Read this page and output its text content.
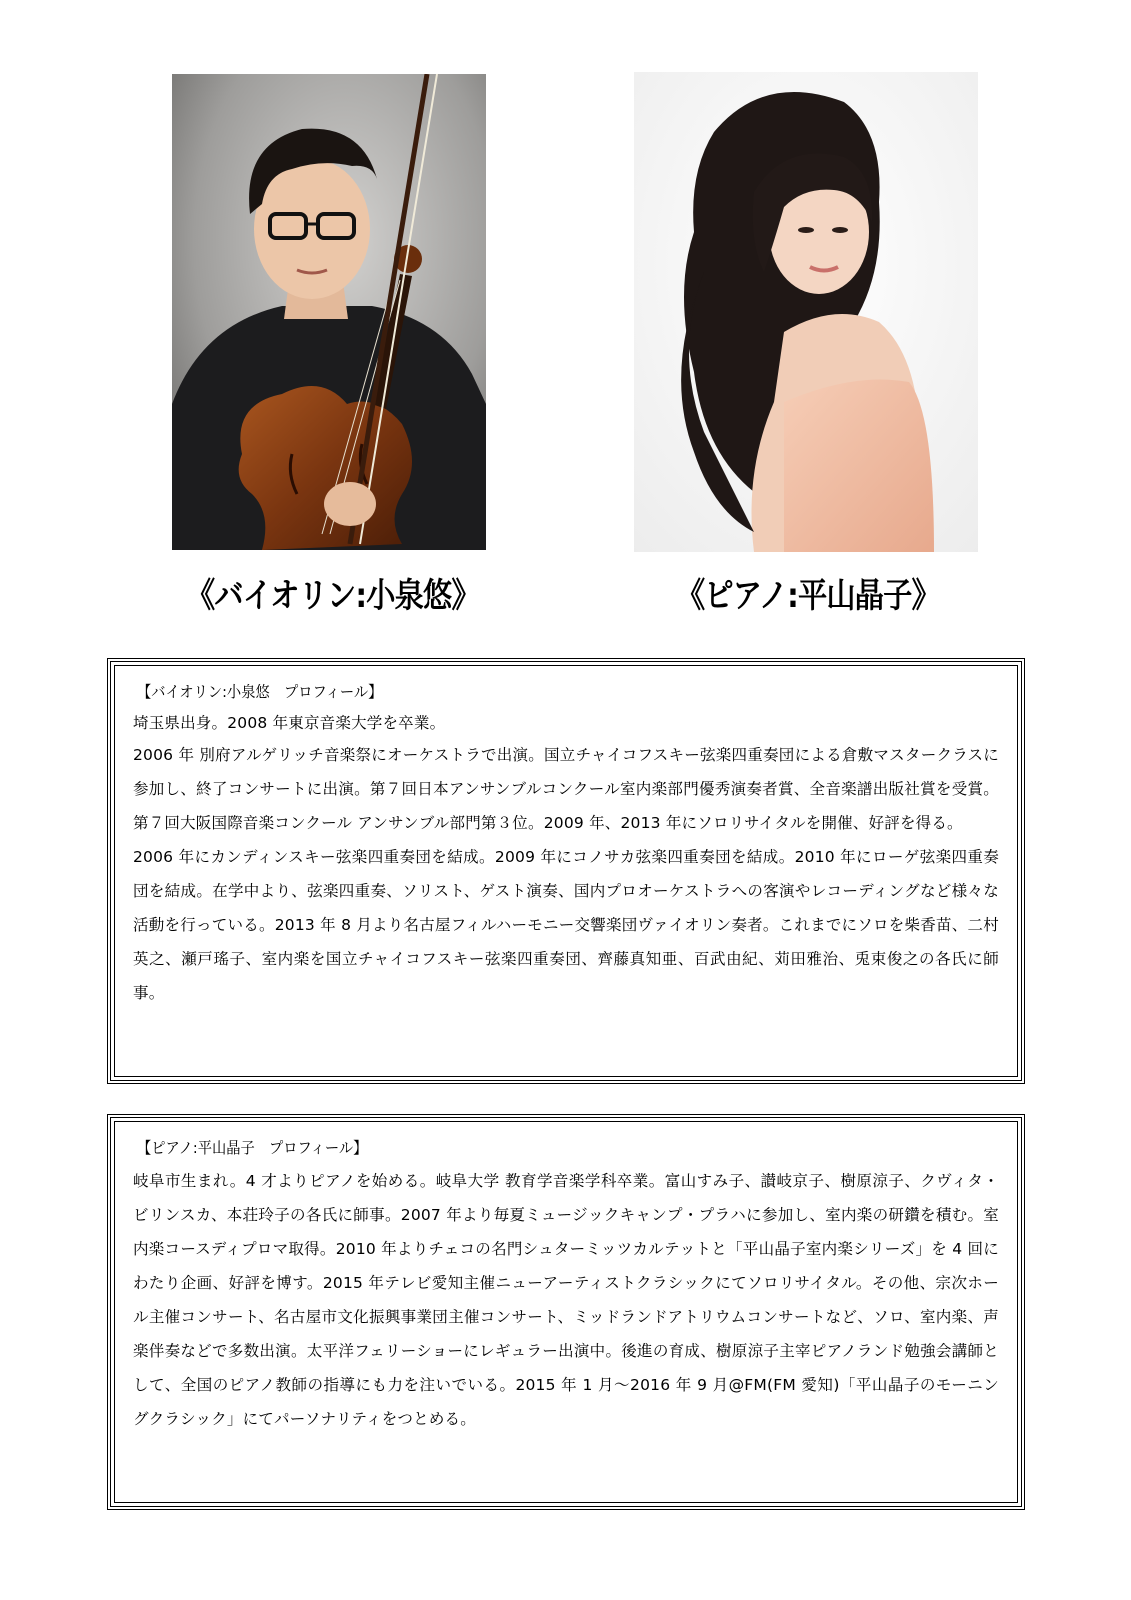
《バイオリン:小泉悠》	《ピアノ:平山晶子》
【バイオリン:小泉悠　プロフィール】

埼玉県出身。2008 年東京音楽大学を卒業。

2006 年 別府アルゲリッチ音楽祭にオーケストラで出演。国立チャイコフスキー弦楽四重奏団による倉敷マスタークラスに参加し、終了コンサートに出演。第７回日本アンサンブルコンクール室内楽部門優秀演奏者賞、全音楽譜出版社賞を受賞。第７回大阪国際音楽コンクール アンサンブル部門第３位。2009 年、2013 年にソロリサイタルを開催、好評を得る。

2006 年にカンディンスキー弦楽四重奏団を結成。2009 年にコノサカ弦楽四重奏団を結成。2010 年にローゲ弦楽四重奏団を結成。在学中より、弦楽四重奏、ソリスト、ゲスト演奏、国内プロオーケストラへの客演やレコーディングなど様々な活動を行っている。2013 年 8 月より名古屋フィルハーモニー交響楽団ヴァイオリン奏者。これまでにソロを柴香苗、二村英之、瀬戸瑤子、室内楽を国立チャイコフスキー弦楽四重奏団、齊藤真知亜、百武由紀、苅田雅治、兎束俊之の各氏に師事。

【ピアノ:平山晶子　プロフィール】

岐阜市生まれ。4 才よりピアノを始める。岐阜大学 教育学音楽学科卒業。富山すみ子、讃岐京子、樹原涼子、クヴィタ・ビリンスカ、本荘玲子の各氏に師事。2007 年より毎夏ミュージックキャンプ・プラハに参加し、室内楽の研鑽を積む。室内楽コースディプロマ取得。2010 年よりチェコの名門シュターミッツカルテットと「平山晶子室内楽シリーズ」を 4 回にわたり企画、好評を博す。2015 年テレビ愛知主催ニューアーティストクラシックにてソロリサイタル。その他、宗次ホール主催コンサート、名古屋市文化振興事業団主催コンサート、ミッドランドアトリウムコンサートなど、ソロ、室内楽、声楽伴奏などで多数出演。太平洋フェリーショーにレギュラー出演中。後進の育成、樹原涼子主宰ピアノランド勉強会講師として、全国のピアノ教師の指導にも力を注いでいる。2015 年 1 月～2016 年 9 月@FM(FM 愛知)「平山晶子のモーニングクラシック」にてパーソナリティをつとめる。
